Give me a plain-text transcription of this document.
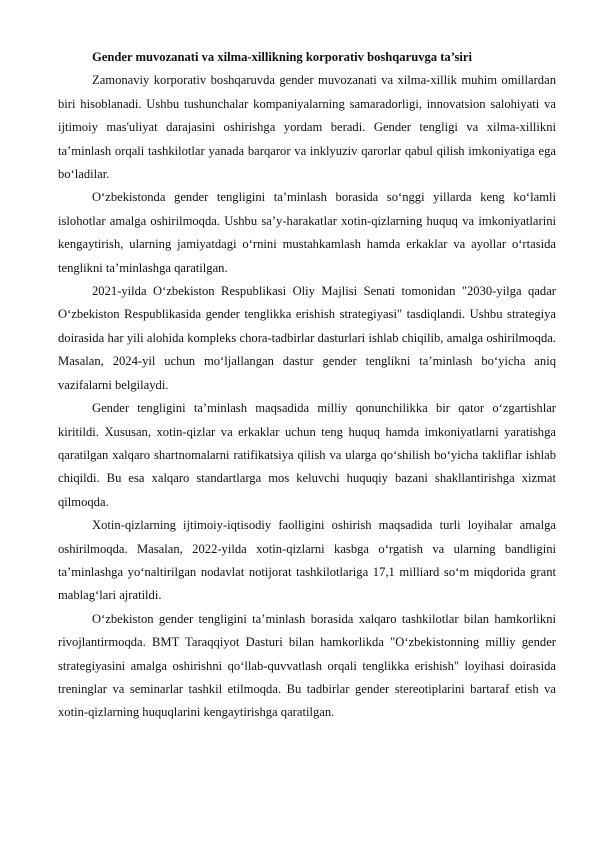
Gender muvozanati va xilma-xillikning korporativ boshqaruvga ta’siri

Zamonaviy korporativ boshqaruvda gender muvozanati va xilma-xillik muhim omillardan biri hisoblanadi. Ushbu tushunchalar kompaniyalarning samaradorligi, innovatsion salohiyati va ijtimoiy mas'uliyat darajasini oshirishga yordam beradi. Gender tengligi va xilma-xillikni ta’minlash orqali tashkilotlar yanada barqaror va inklyuziv qarorlar qabul qilish imkoniyatiga ega bo‘ladilar.

O‘zbekistonda gender tengligini ta’minlash borasida so‘nggi yillarda keng ko‘lamli islohotlar amalga oshirilmoqda. Ushbu sa’y-harakatlar xotin-qizlarning huquq va imkoniyatlarini kengaytirish, ularning jamiyatdagi o‘rnini mustahkamlash hamda erkaklar va ayollar o‘rtasida tenglikni ta’minlashga qaratilgan.

2021-yilda O‘zbekiston Respublikasi Oliy Majlisi Senati tomonidan "2030-yilga qadar O‘zbekiston Respublikasida gender tenglikka erishish strategiyasi" tasdiqlandi. Ushbu strategiya doirasida har yili alohida kompleks chora-tadbirlar dasturlari ishlab chiqilib, amalga oshirilmoqda. Masalan, 2024-yil uchun mo‘ljallangan dastur gender tenglikni ta’minlash bo‘yicha aniq vazifalarni belgilaydi.

Gender tengligini ta’minlash maqsadida milliy qonunchilikka bir qator o‘zgartishlar kiritildi. Xususan, xotin-qizlar va erkaklar uchun teng huquq hamda imkoniyatlarni yaratishga qaratilgan xalqaro shartnomalarni ratifikatsiya qilish va ularga qo‘shilish bo‘yicha takliflar ishlab chiqildi. Bu esa xalqaro standartlarga mos keluvchi huquqiy bazani shakllantirishga xizmat qilmoqda.

Xotin-qizlarning ijtimoiy-iqtisodiy faolligini oshirish maqsadida turli loyihalar amalga oshirilmoqda. Masalan, 2022-yilda xotin-qizlarni kasbga o‘rgatish va ularning bandligini ta’minlashga yo‘naltirilgan nodavlat notijorat tashkilotlariga 17,1 milliard so‘m miqdorida grant mablag‘lari ajratildi.

O‘zbekiston gender tengligini ta’minlash borasida xalqaro tashkilotlar bilan hamkorlikni rivojlantirmoqda. BMT Taraqqiyot Dasturi bilan hamkorlikda "O‘zbekistonning milliy gender strategiyasini amalga oshirishni qo‘llab-quvvatlash orqali tenglikka erishish" loyihasi doirasida treninglar va seminarlar tashkil etilmoqda. Bu tadbirlar gender stereotiplarini bartaraf etish va xotin-qizlarning huquqlarini kengaytirishga qaratilgan.
